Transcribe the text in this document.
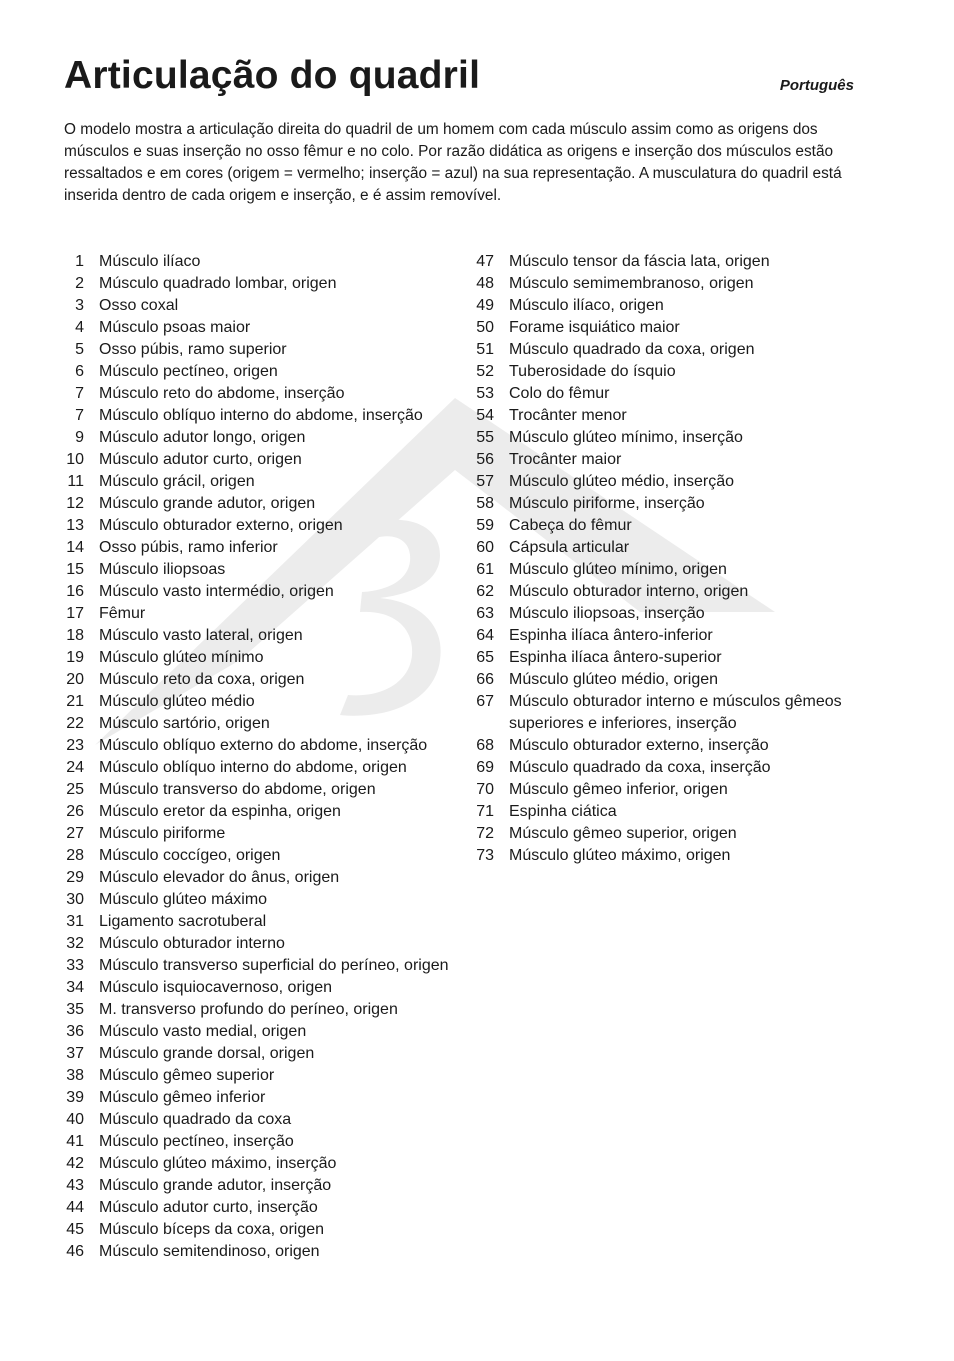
Articulação do quadril	Português

O modelo mostra a articulação direita do quadril de um homem com cada músculo assim como as origens dos músculos e suas inserção no osso fêmur e no colo. Por razão didática as origens e inserção dos músculos estão ressaltados e em cores (origem = vermelho; inserção = azul) na sua representação. A musculatura do quadril está inserida dentro de cada origem e inserção, e é assim removível.

1 Músculo ilíaco
2 Músculo quadrado lombar, origen
3 Osso coxal
4 Músculo psoas maior
5 Osso púbis, ramo superior
6 Músculo pectíneo, origen
7 Músculo reto do abdome, inserção
7 Músculo oblíquo interno do abdome, inserção
9 Músculo adutor longo, origen
10 Músculo adutor curto, origen
11 Músculo grácil, origen
12 Músculo grande adutor, origen
13 Músculo obturador externo, origen
14 Osso púbis, ramo inferior
15 Músculo iliopsoas
16 Músculo vasto intermédio, origen
17 Fêmur
18 Músculo vasto lateral, origen
19 Músculo glúteo mínimo
20 Músculo reto da coxa, origen
21 Músculo glúteo médio
22 Músculo sartório, origen
23 Músculo oblíquo externo do abdome, inserção
24 Músculo oblíquo interno do abdome, origen
25 Músculo transverso do abdome, origen
26 Músculo eretor da espinha, origen
27 Músculo piriforme
28 Músculo coccígeo, origen
29 Músculo elevador do ânus, origen
30 Músculo glúteo máximo
31 Ligamento sacrotuberal
32 Músculo obturador interno
33 Músculo transverso superficial do períneo, origen
34 Músculo isquiocavernoso, origen
35 M. transverso profundo do períneo, origen
36 Músculo vasto medial, origen
37 Músculo grande dorsal, origen
38 Músculo gêmeo superior
39 Músculo gêmeo inferior
40 Músculo quadrado da coxa
41 Músculo pectíneo, inserção
42 Músculo glúteo máximo, inserção
43 Músculo grande adutor, inserção
44 Músculo adutor curto, inserção
45 Músculo bíceps da coxa, origen
46 Músculo semitendinoso, origen
47 Músculo tensor da fáscia lata, origen
48 Músculo semimembranoso, origen
49 Músculo ilíaco, origen
50 Forame isquiático maior
51 Músculo quadrado da coxa, origen
52 Tuberosidade do ísquio
53 Colo do fêmur
54 Trocânter menor
55 Músculo glúteo mínimo, inserção
56 Trocânter maior
57 Músculo glúteo médio, inserção
58 Músculo piriforme, inserção
59 Cabeça do fêmur
60 Cápsula articular
61 Músculo glúteo mínimo, origen
62 Músculo obturador interno, origen
63 Músculo iliopsoas, inserção
64 Espinha ilíaca ântero-inferior
65 Espinha ilíaca ântero-superior
66 Músculo glúteo médio, origen
67 Músculo obturador interno e músculos gêmeos superiores e inferiores, inserção
68 Músculo obturador externo, inserção
69 Músculo quadrado da coxa, inserção
70 Músculo gêmeo inferior, origen
71 Espinha ciática
72 Músculo gêmeo superior, origen
73 Músculo glúteo máximo, origen
